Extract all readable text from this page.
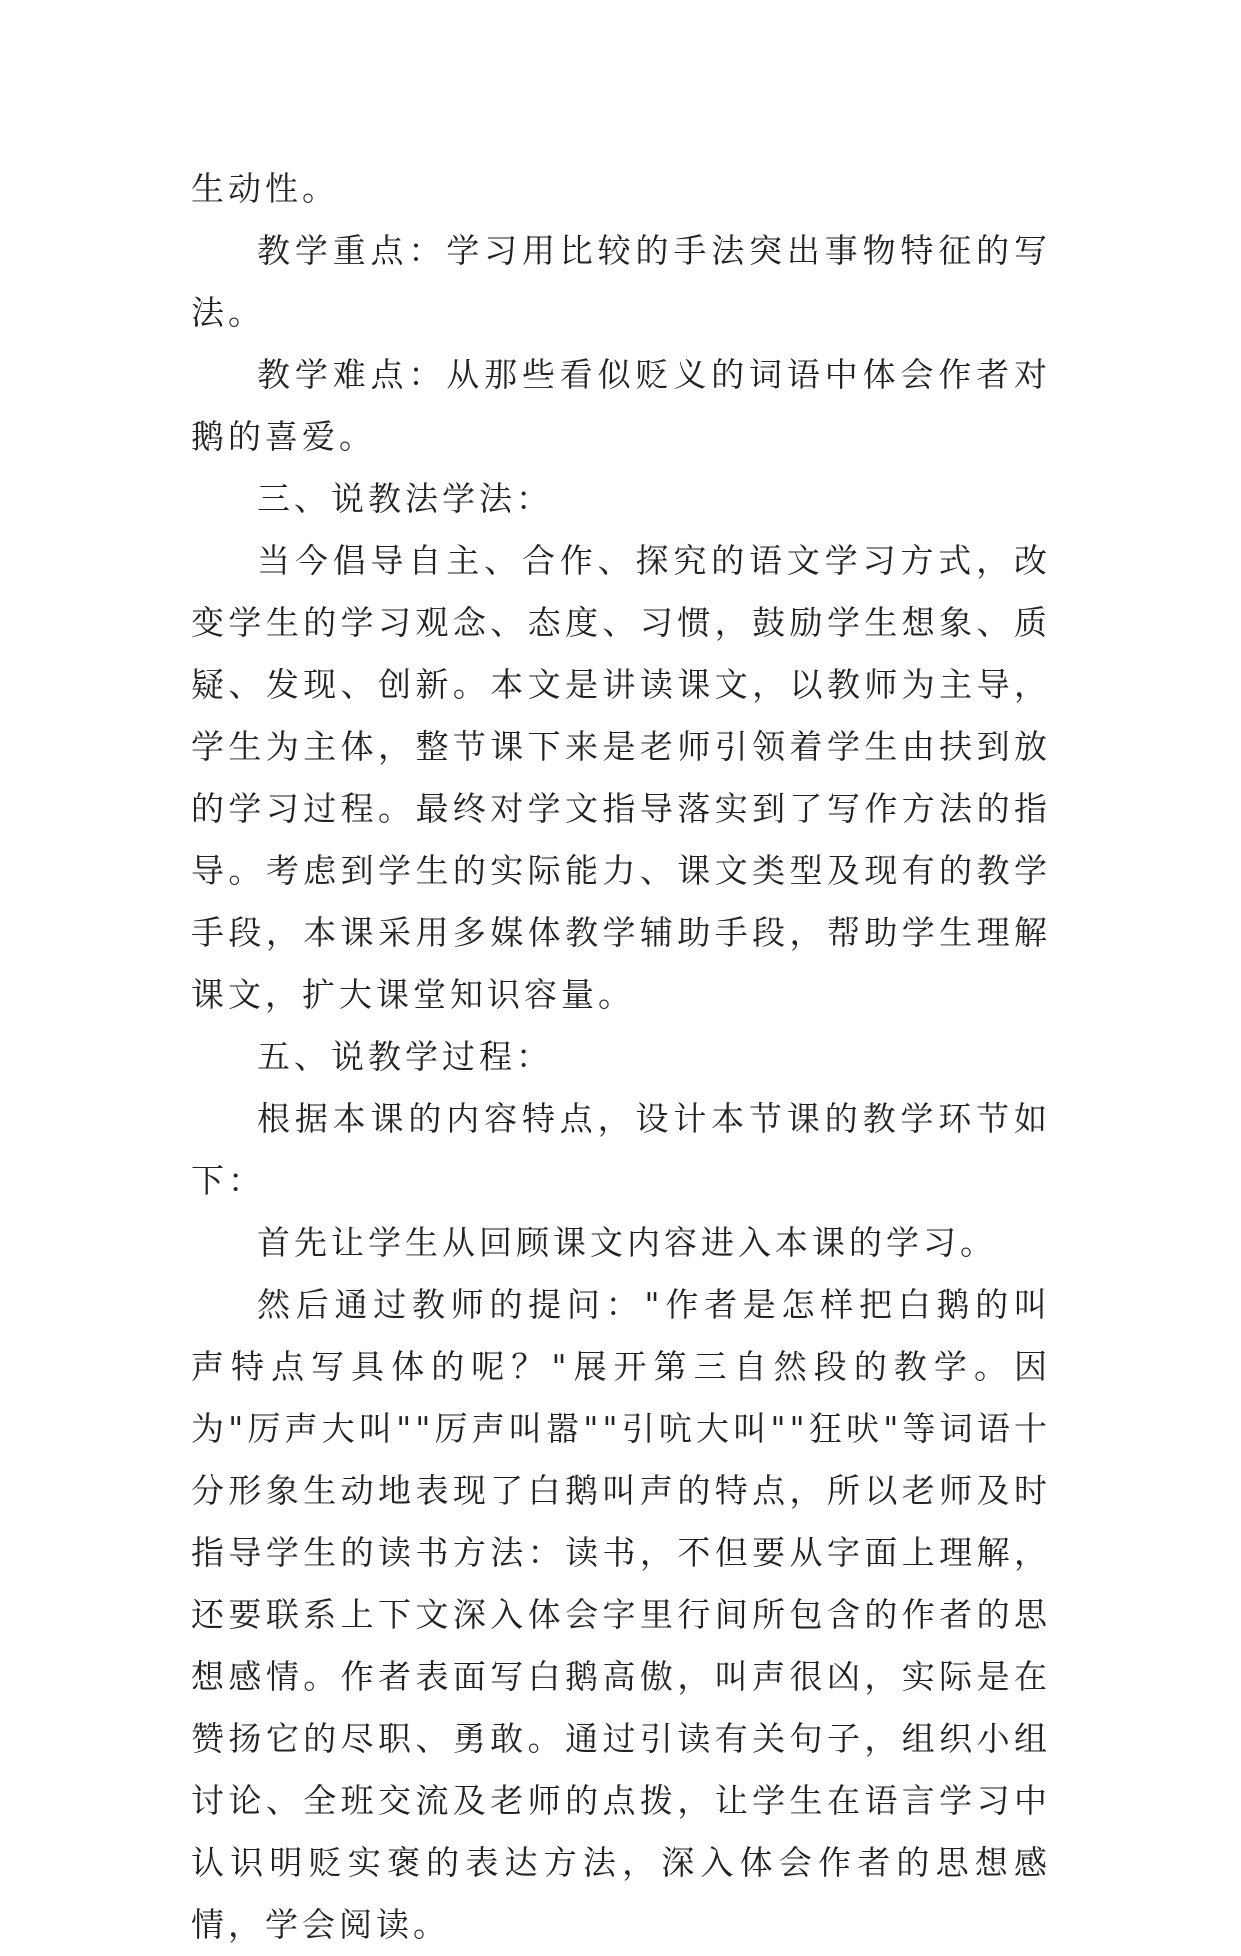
生动性。

教学重点：学习用比较的手法突出事物特征的写法。

教学难点：从那些看似贬义的词语中体会作者对鹅的喜爱。

三、说教法学法：

当今倡导自主、合作、探究的语文学习方式，改变学生的学习观念、态度、习惯，鼓励学生想象、质疑、发现、创新。本文是讲读课文，以教师为主导，学生为主体，整节课下来是老师引领着学生由扶到放的学习过程。最终对学文指导落实到了写作方法的指导。考虑到学生的实际能力、课文类型及现有的教学手段，本课采用多媒体教学辅助手段，帮助学生理解课文，扩大课堂知识容量。

五、说教学过程：

根据本课的内容特点，设计本节课的教学环节如下：

首先让学生从回顾课文内容进入本课的学习。

然后通过教师的提问："作者是怎样把白鹅的叫声特点写具体的呢？"展开第三自然段的教学。因为"厉声大叫""厉声叫嚣""引吭大叫""狂吠"等词语十分形象生动地表现了白鹅叫声的特点，所以老师及时指导学生的读书方法：读书，不但要从字面上理解，还要联系上下文深入体会字里行间所包含的作者的思想感情。作者表面写白鹅高傲，叫声很凶，实际是在赞扬它的尽职、勇敢。通过引读有关句子，组织小组讨论、全班交流及老师的点拨，让学生在语言学习中认识明贬实褒的表达方法，深入体会作者的思想感情，学会阅读。
